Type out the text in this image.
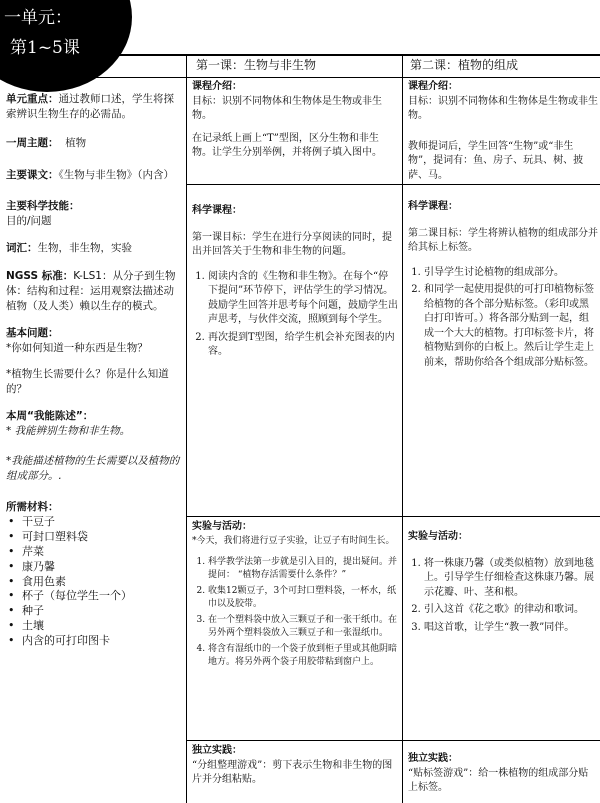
一单元：
第1~5课
第一课：生物与非生物	第二课：植物的组成

单元重点：通过教师口述，学生将探索辨识生物生存的必需品。

一周主题： 植物

主要课文：《生物与非生物》（内含）

主要科学技能：

目的/问题

词汇：生物，非生物，实验

NGSS 标准：K-LS1：从分子到生物体：结构和过程：运用观察法描述动植物（及人类）赖以生存的模式。

基本问题：

*你如何知道一种东西是生物？

*植物生长需要什么？你是什么知道的？

本周“我能陈述”：

* 我能辨别生物和非生物。

*我能描述植物的生长需要以及植物的组成部分。.

所需材料：

• 干豆子
• 可封口塑料袋
• 芹菜
• 康乃馨
• 食用色素
• 杯子（每位学生一个）
• 种子
• 土壤
• 内含的可打印图卡

课程介绍：

目标：识别不同物体和生物体是生物或非生物。

在记录纸上画上“T”型图，区分生物和非生物。让学生分别举例，并将例子填入图中。

科学课程：

第一课目标：学生在进行分享阅读的同时，提出并回答关于生物和非生物的问题。

1. 阅读内含的《生物和非生物》。在每个“停下提问”环节停下，评估学生的学习情况。 鼓励学生回答并思考每个问题，鼓励学生出声思考，与伙伴交流，照顾到每个学生。
2. 再次提到T型图，给学生机会补充图表的内容。

实验与活动：

*今天，我们将进行豆子实验，让豆子有时间生长。

1. 科学教学法第一步就是引入目的，提出疑问。并提问： “植物存活需要什么条件？”
2. 收集12颗豆子，3个可封口塑料袋，一杯水，纸巾以及胶带。
3. 在一个塑料袋中放入三颗豆子和一张干纸巾。在另外两个塑料袋放入三颗豆子和一张湿纸巾。
4. 将含有湿纸巾的一个袋子放到柜子里或其他阴暗地方。将另外两个袋子用胶带粘到窗户上。

独立实践：

“分组整理游戏”：剪下表示生物和非生物的图片并分组粘贴。

课程介绍：

目标：识别不同物体和生物体是生物或非生物。

教师提词后，学生回答“生物”或“非生物”，提词有：鱼、房子、玩具、树、披萨、马。

科学课程：

第二课目标：学生将辨认植物的组成部分并给其标上标签。

1. 引导学生讨论植物的组成部分。
2. 和同学一起使用提供的可打印植物标签给植物的各个部分贴标签。（彩印或黑白打印皆可。）将各部分贴到一起，组成一个大大的植物。打印标签卡片，将植物贴到你的白板上。然后让学生走上前来，帮助你给各个组成部分贴标签。

实验与活动：

1. 将一株康乃馨（或类似植物）放到地毯上。引导学生仔细检查这株康乃馨。展示花瓣、叶、茎和根。
2. 引入这首《花之歌》的律动和歌词。
3. 唱这首歌，让学生“教一教”同伴。

独立实践：

“贴标签游戏”：给一株植物的组成部分贴上标签。
